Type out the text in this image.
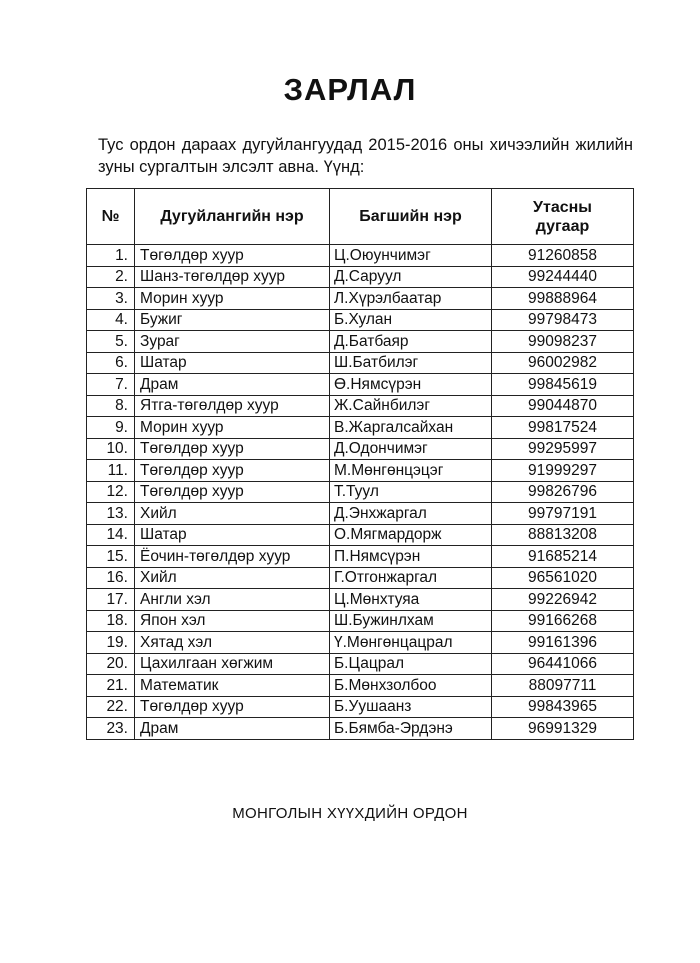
ЗАРЛАЛ
Тус ордон дараах дугуйлангуудад 2015-2016 оны хичээлийн жилийн зуны сургалтын элсэлт авна. Үүнд:
№	Дугуйлангийн нэр	Багшийн нэр	Утасны
дугаар
1.	Төгөлдөр хуур	Ц.Оюунчимэг	91260858
2.	Шанз-төгөлдөр хуур	Д.Саруул	99244440
3.	Морин хуур	Л.Хүрэлбаатар	99888964
4.	Бужиг	Б.Хулан	99798473
5.	Зураг	Д.Батбаяр	99098237
6.	Шатар	Ш.Батбилэг	96002982
7.	Драм	Ө.Нямсүрэн	99845619
8.	Ятга-төгөлдөр хуур	Ж.Сайнбилэг	99044870
9.	Морин хуур	В.Жаргалсайхан	99817524
10.	Төгөлдөр хуур	Д.Одончимэг	99295997
11.	Төгөлдөр хуур	М.Мөнгөнцэцэг	91999297
12.	Төгөлдөр хуур	Т.Туул	99826796
13.	Хийл	Д.Энхжаргал	99797191
14.	Шатар	О.Мягмардорж	88813208
15.	Ёочин-төгөлдөр хуур	П.Нямсүрэн	91685214
16.	Хийл	Г.Отгонжаргал	96561020
17.	Англи хэл	Ц.Мөнхтуяа	99226942
18.	Япон хэл	Ш.Бужинлхам	99166268
19.	Хятад хэл	Ү.Мөнгөнцацрал	99161396
20.	Цахилгаан хөгжим	Б.Цацрал	96441066
21.	Математик	Б.Мөнхзолбоо	88097711
22.	Төгөлдөр хуур	Б.Уушаанз	99843965
23.	Драм	Б.Бямба-Эрдэнэ	96991329
МОНГОЛЫН ХҮҮХДИЙН ОРДОН
